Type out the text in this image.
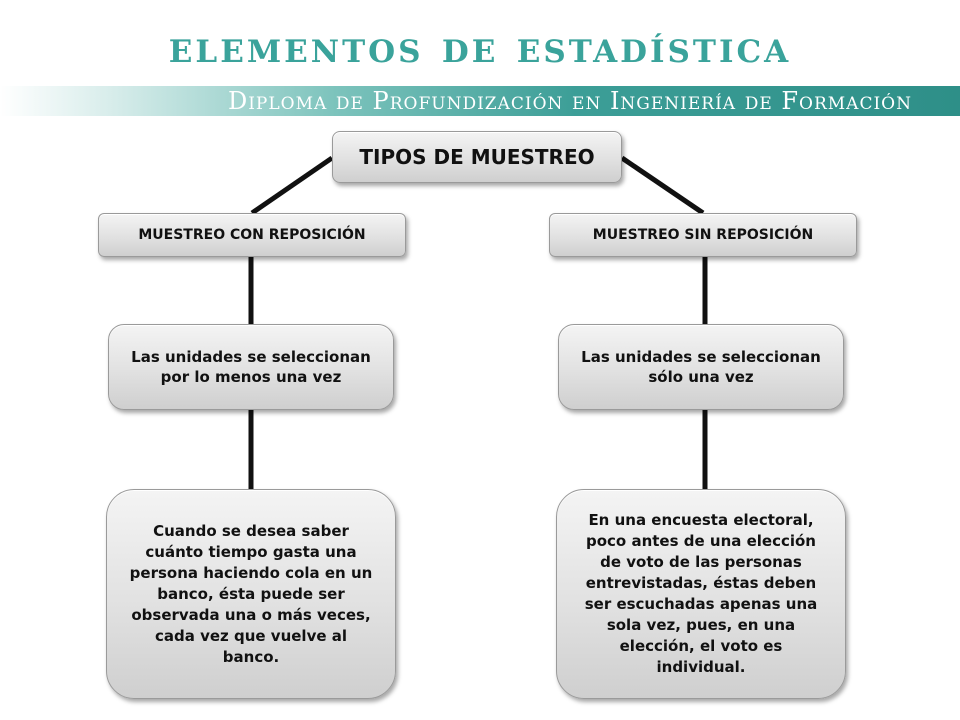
elementos de estadística
Diploma de Profundización en Ingeniería de Formación
TIPOS DE MUESTREO
MUESTREO CON REPOSICIÓN	MUESTREO SIN REPOSICIÓN
Las unidades se seleccionan por lo menos una vez
Las unidades se seleccionan sólo una vez
Cuando se desea saber cuánto tiempo gasta una persona haciendo cola en un banco, ésta puede ser observada una o más veces, cada vez que vuelve al banco.
En una encuesta electoral, poco antes de una elección de voto de las personas entrevistadas, éstas deben ser escuchadas apenas una sola vez, pues, en una elección, el voto es individual.
